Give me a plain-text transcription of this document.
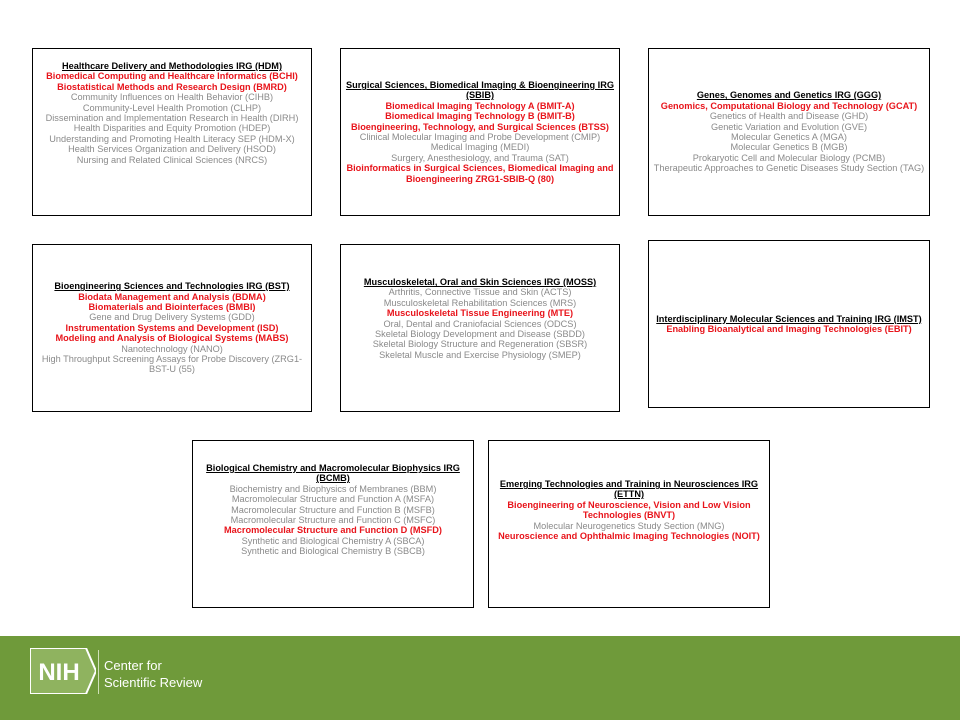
Healthcare Delivery and Methodologies IRG (HDM)
Biomedical Computing and Healthcare Informatics (BCHI)
Biostatistical Methods and Research Design (BMRD)
Community Influences on Health Behavior (CIHB)
Community-Level Health Promotion (CLHP)
Dissemination and Implementation Research in Health (DIRH)
Health Disparities and Equity Promotion (HDEP)
Understanding and Promoting Health Literacy SEP (HDM-X)
Health Services Organization and Delivery (HSOD)
Nursing and Related Clinical Sciences (NRCS)
Surgical Sciences, Biomedical Imaging & Bioengineering IRG (SBIB)
Biomedical Imaging Technology A (BMIT-A)
Biomedical Imaging Technology B (BMIT-B)
Bioengineering, Technology, and Surgical Sciences (BTSS)
Clinical Molecular Imaging and Probe Development (CMIP)
Medical Imaging (MEDI)
Surgery, Anesthesiology, and Trauma (SAT)
Bioinformatics in Surgical Sciences, Biomedical Imaging and Bioengineering ZRG1-SBIB-Q (80)
Genes, Genomes and Genetics IRG (GGG)
Genomics, Computational Biology and Technology (GCAT)
Genetics of Health and Disease (GHD)
Genetic Variation and Evolution (GVE)
Molecular Genetics A (MGA)
Molecular Genetics B (MGB)
Prokaryotic Cell and Molecular Biology (PCMB)
Therapeutic Approaches to Genetic Diseases Study Section (TAG)
Bioengineering Sciences and Technologies IRG (BST)
Biodata Management and Analysis (BDMA)
Biomaterials and Biointerfaces (BMBI)
Gene and Drug Delivery Systems (GDD)
Instrumentation Systems and Development (ISD)
Modeling and Analysis of Biological Systems (MABS)
Nanotechnology (NANO)
High Throughput Screening Assays for Probe Discovery (ZRG1-BST-U (55)
Musculoskeletal, Oral and Skin Sciences IRG (MOSS)
Arthritis, Connective Tissue and Skin (ACTS)
Musculoskeletal Rehabilitation Sciences (MRS)
Musculoskeletal Tissue Engineering (MTE)
Oral, Dental and Craniofacial Sciences (ODCS)
Skeletal Biology Development and Disease (SBDD)
Skeletal Biology Structure and Regeneration (SBSR)
Skeletal Muscle and Exercise Physiology (SMEP)
Interdisciplinary Molecular Sciences and Training IRG (IMST)
Enabling Bioanalytical and Imaging Technologies (EBIT)
Biological Chemistry and Macromolecular Biophysics IRG (BCMB)
Biochemistry and Biophysics of Membranes (BBM)
Macromolecular Structure and Function A (MSFA)
Macromolecular Structure and Function B (MSFB)
Macromolecular Structure and Function C (MSFC)
Macromolecular Structure and Function D (MSFD)
Synthetic and Biological Chemistry A (SBCA)
Synthetic and Biological Chemistry B (SBCB)
Emerging Technologies and Training in Neurosciences IRG (ETTN)
Bioengineering of Neuroscience, Vision and Low Vision Technologies (BNVT)
Molecular Neurogenetics Study Section (MNG)
Neuroscience and Ophthalmic Imaging Technologies (NOIT)
NIH Center for
Scientific Review
